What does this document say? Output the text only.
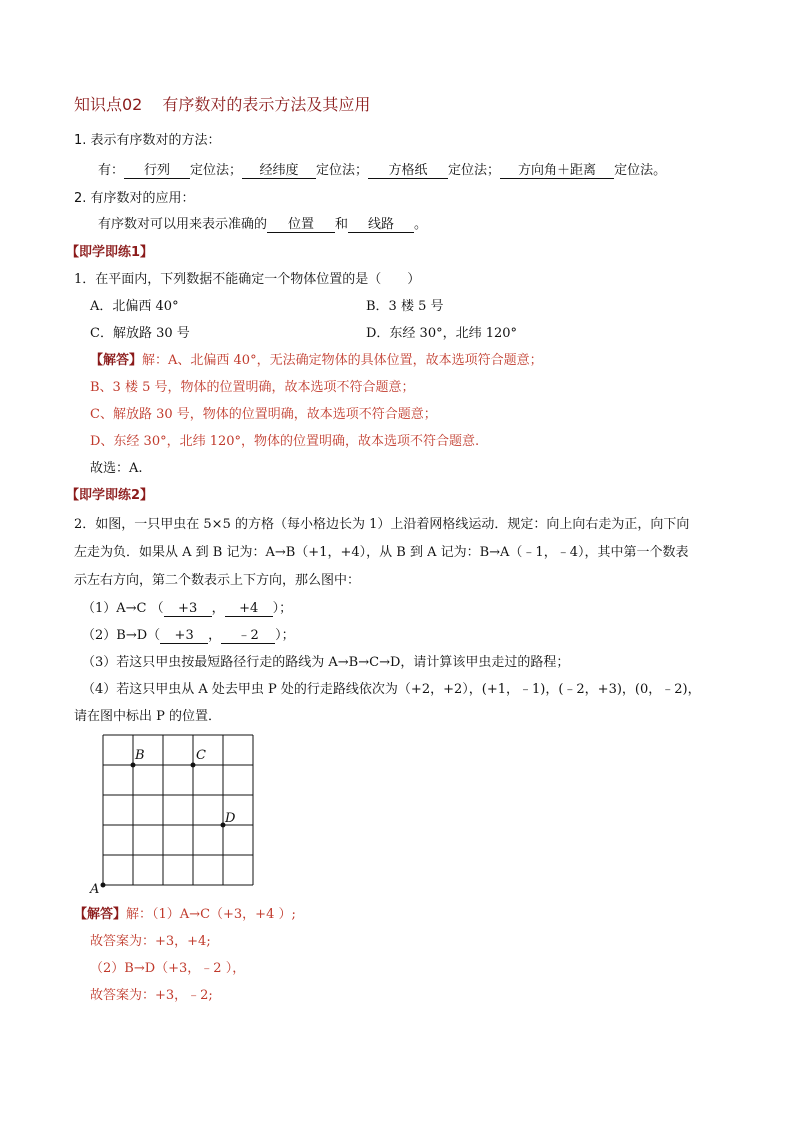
知识点02 有序数对的表示方法及其应用
1. 表示有序数对的方法：
有： 行列 定位法； 经纬度 定位法； 方格纸 定位法； 方向角＋距离 定位法。
2. 有序数对的应用：
有序数对可以用来表示准确的 位置 和 线路 。
【即学即练1】
1．在平面内，下列数据不能确定一个物体位置的是（　　）
A．北偏西 40°	B．3 楼 5 号
C．解放路 30 号	D．东经 30°，北纬 120°
【解答】解：A、北偏西 40°，无法确定物体的具体位置，故本选项符合题意；
B、3 楼 5 号，物体的位置明确，故本选项不符合题意；
C、解放路 30 号，物体的位置明确，故本选项不符合题意；
D、东经 30°，北纬 120°，物体的位置明确，故本选项不符合题意.
故选：A.
【即学即练2】
2．如图，一只甲虫在 5×5 的方格（每小格边长为 1）上沿着网格线运动．规定：向上向右走为正，向下向
左走为负．如果从 A 到 B 记为：A→B（+1，+4），从 B 到 A 记为：B→A（﹣1，﹣4），其中第一个数表
示左右方向，第二个数表示上下方向，那么图中：
（1）A→C （ +3 ， +4 ）；
（2）B→D（ +3 ， ﹣2 ）；
（3）若这只甲虫按最短路径行走的路线为 A→B→C→D，请计算该甲虫走过的路程；
（4）若这只甲虫从 A 处去甲虫 P 处的行走路线依次为（+2，+2），(+1，﹣1)，(﹣2，+3)，(0，﹣2)，
请在图中标出 P 的位置．
A
B	C
D
【解答】解：（1）A→C（+3，+4 ）;
故答案为：+3，+4;
（2）B→D（+3，﹣2 ），
故答案为：+3，﹣2;
